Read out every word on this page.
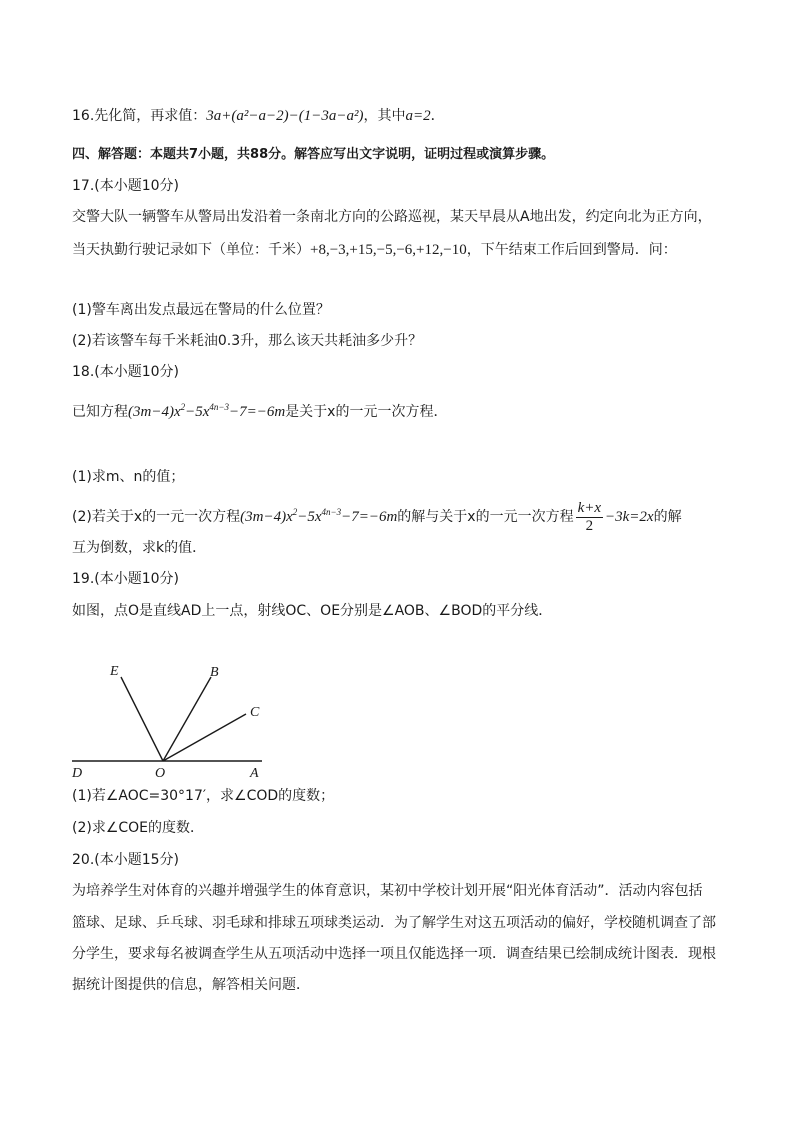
16.先化简，再求值：3a+(a²−a−2)−(1−3a−a²)，其中a=2．
四、解答题：本题共7小题，共88分。解答应写出文字说明，证明过程或演算步骤。
17.(本小题10分)
交警大队一辆警车从警局出发沿着一条南北方向的公路巡视，某天早晨从A地出发，约定向北为正方向，
当天执勤行驶记录如下（单位：千米）+8,−3,+15,−5,−6,+12,−10，下午结束工作后回到警局．问：
(1)警车离出发点最远在警局的什么位置？
(2)若该警车每千米耗油0.3升，那么该天共耗油多少升？
18.(本小题10分)
已知方程$(3m-4)x^2-5x^{4n-3}-7=-6m$是关于x的一元一次方程．
(1)求m、n的值；
(2)若关于x的一元一次方程$(3m-4)x^2-5x^{4n-3}-7=-6m$的解与关于x的一元一次方程 $\frac{k+x}{2} -3k=2x$的解
互为倒数，求k的值．
19.(本小题10分)
如图，点O是直线AD上一点，射线OC、OE分别是∠AOB、∠BOD的平分线．
E	B
C
D	O	A
(1)若∠AOC=30°17′，求∠COD的度数；
(2)求∠COE的度数．
20.(本小题15分)
为培养学生对体育的兴趣并增强学生的体育意识，某初中学校计划开展“阳光体育活动”．活动内容包括
篮球、足球、乒乓球、羽毛球和排球五项球类运动．为了解学生对这五项活动的偏好，学校随机调查了部
分学生，要求每名被调查学生从五项活动中选择一项且仅能选择一项．调查结果已绘制成统计图表．现根
据统计图提供的信息，解答相关问题．
